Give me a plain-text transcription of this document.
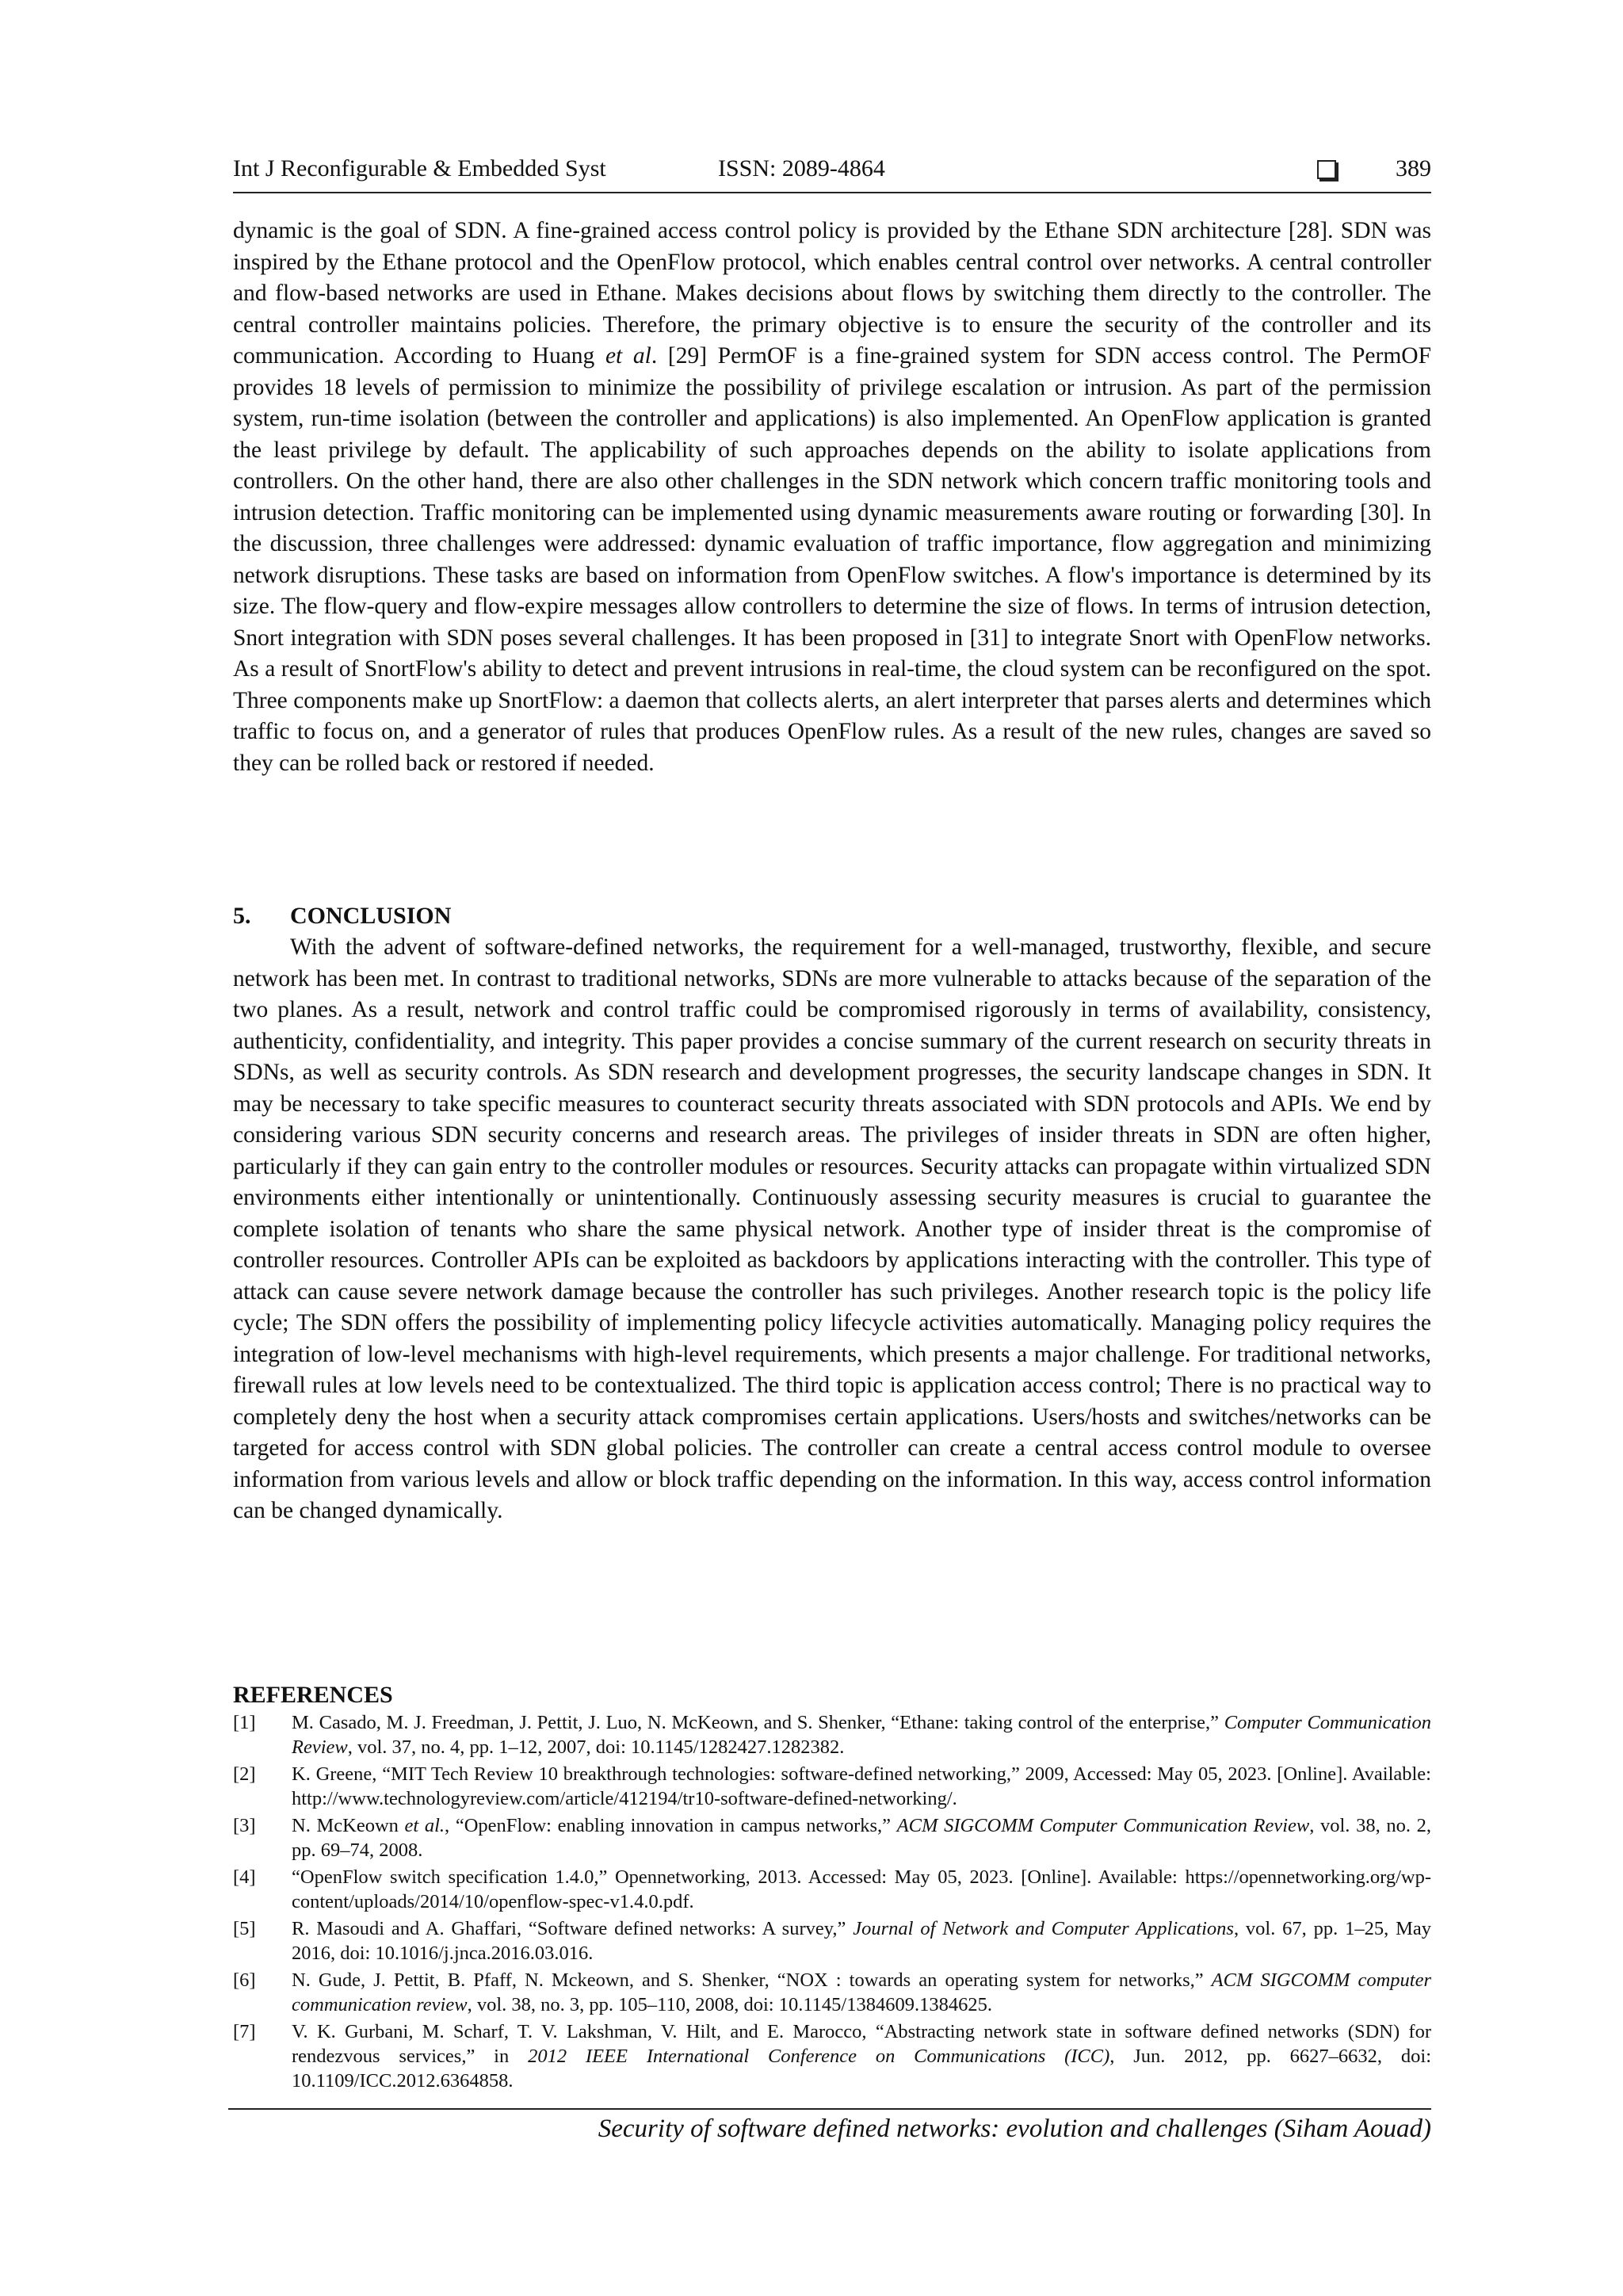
Int J Reconfigurable & Embedded Syst	ISSN: 2089-4864	389

dynamic is the goal of SDN. A fine-grained access control policy is provided by the Ethane SDN architecture [28]. SDN was inspired by the Ethane protocol and the OpenFlow protocol, which enables central control over networks. A central controller and flow-based networks are used in Ethane. Makes decisions about flows by switching them directly to the controller. The central controller maintains policies. Therefore, the primary objective is to ensure the security of the controller and its communication. According to Huang et al. [29] PermOF is a fine-grained system for SDN access control. The PermOF provides 18 levels of permission to minimize the possibility of privilege escalation or intrusion. As part of the permission system, run-time isolation (between the controller and applications) is also implemented. An OpenFlow application is granted the least privilege by default. The applicability of such approaches depends on the ability to isolate applications from controllers. On the other hand, there are also other challenges in the SDN network which concern traffic monitoring tools and intrusion detection. Traffic monitoring can be implemented using dynamic measurements aware routing or forwarding [30]. In the discussion, three challenges were addressed: dynamic evaluation of traffic importance, flow aggregation and minimizing network disruptions. These tasks are based on information from OpenFlow switches. A flow's importance is determined by its size. The flow-query and flow-expire messages allow controllers to determine the size of flows. In terms of intrusion detection, Snort integration with SDN poses several challenges. It has been proposed in [31] to integrate Snort with OpenFlow networks. As a result of SnortFlow's ability to detect and prevent intrusions in real-time, the cloud system can be reconfigured on the spot. Three components make up SnortFlow: a daemon that collects alerts, an alert interpreter that parses alerts and determines which traffic to focus on, and a generator of rules that produces OpenFlow rules. As a result of the new rules, changes are saved so they can be rolled back or restored if needed.

5. CONCLUSION

With the advent of software-defined networks, the requirement for a well-managed, trustworthy, flexible, and secure network has been met. In contrast to traditional networks, SDNs are more vulnerable to attacks because of the separation of the two planes. As a result, network and control traffic could be compromised rigorously in terms of availability, consistency, authenticity, confidentiality, and integrity. This paper provides a concise summary of the current research on security threats in SDNs, as well as security controls. As SDN research and development progresses, the security landscape changes in SDN. It may be necessary to take specific measures to counteract security threats associated with SDN protocols and APIs. We end by considering various SDN security concerns and research areas. The privileges of insider threats in SDN are often higher, particularly if they can gain entry to the controller modules or resources. Security attacks can propagate within virtualized SDN environments either intentionally or unintentionally. Continuously assessing security measures is crucial to guarantee the complete isolation of tenants who share the same physical network. Another type of insider threat is the compromise of controller resources. Controller APIs can be exploited as backdoors by applications interacting with the controller. This type of attack can cause severe network damage because the controller has such privileges. Another research topic is the policy life cycle; The SDN offers the possibility of implementing policy lifecycle activities automatically. Managing policy requires the integration of low-level mechanisms with high-level requirements, which presents a major challenge. For traditional networks, firewall rules at low levels need to be contextualized. The third topic is application access control; There is no practical way to completely deny the host when a security attack compromises certain applications. Users/hosts and switches/networks can be targeted for access control with SDN global policies. The controller can create a central access control module to oversee information from various levels and allow or block traffic depending on the information. In this way, access control information can be changed dynamically.

REFERENCES
[1]	M. Casado, M. J. Freedman, J. Pettit, J. Luo, N. McKeown, and S. Shenker, “Ethane: taking control of the enterprise,” Computer Communication Review, vol. 37, no. 4, pp. 1–12, 2007, doi: 10.1145/1282427.1282382.
[2]	K. Greene, “MIT Tech Review 10 breakthrough technologies: software-defined networking,” 2009, Accessed: May 05, 2023. [Online]. Available: http://www.technologyreview.com/article/412194/tr10-software-defined-networking/.
[3]	N. McKeown et al., “OpenFlow: enabling innovation in campus networks,” ACM SIGCOMM Computer Communication Review, vol. 38, no. 2, pp. 69–74, 2008.
[4]	“OpenFlow switch specification 1.4.0,” Opennetworking, 2013. Accessed: May 05, 2023. [Online]. Available: https://opennetworking.org/wp-content/uploads/2014/10/openflow-spec-v1.4.0.pdf.
[5]	R. Masoudi and A. Ghaffari, “Software defined networks: A survey,” Journal of Network and Computer Applications, vol. 67, pp. 1–25, May 2016, doi: 10.1016/j.jnca.2016.03.016.
[6]	N. Gude, J. Pettit, B. Pfaff, N. Mckeown, and S. Shenker, “NOX : towards an operating system for networks,” ACM SIGCOMM computer communication review, vol. 38, no. 3, pp. 105–110, 2008, doi: 10.1145/1384609.1384625.
[7]	V. K. Gurbani, M. Scharf, T. V. Lakshman, V. Hilt, and E. Marocco, “Abstracting network state in software defined networks (SDN) for rendezvous services,” in 2012 IEEE International Conference on Communications (ICC), Jun. 2012, pp. 6627–6632, doi: 10.1109/ICC.2012.6364858.
Security of software defined networks: evolution and challenges (Siham Aouad)
